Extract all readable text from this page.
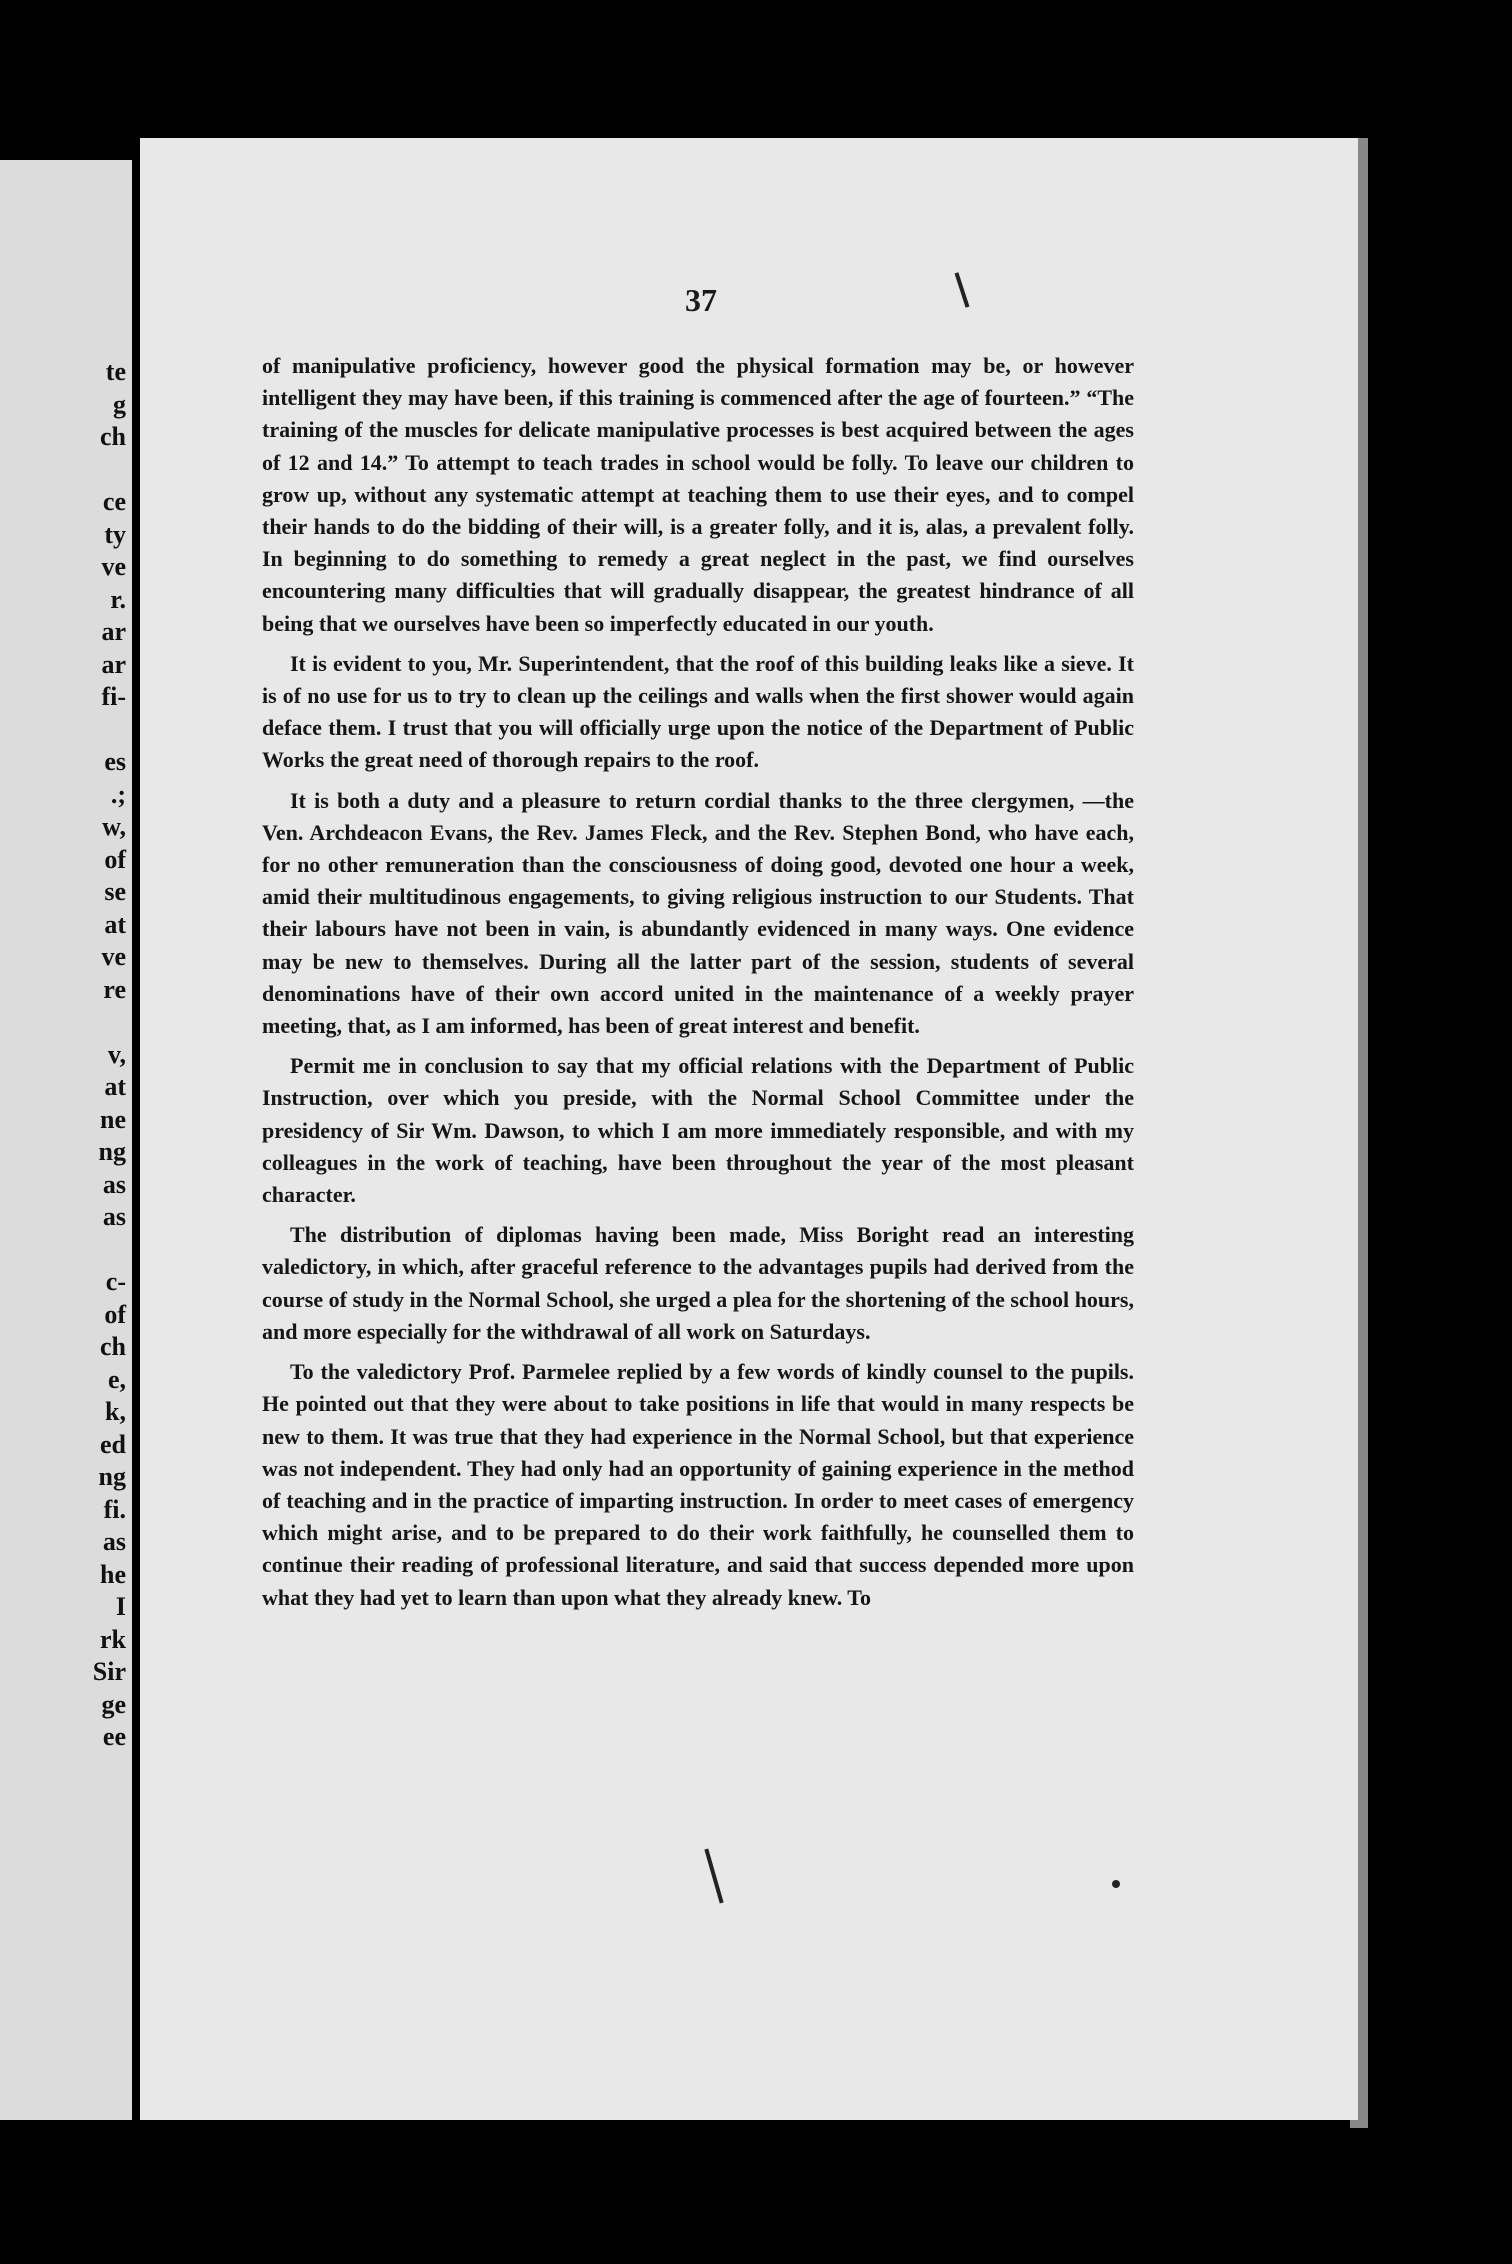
te
g
ch

ce
ty
ve
r.
ar
ar
fi-

es
.;
w,
of
se
at
ve
re

v,
at
ne
ng
as
as

c-
of
ch
e,
k,
ed
ng
fi.
as
he
I
rk
Sir
ge
ee
37

of manipulative proficiency, however good the physical formation may be, or however intelligent they may have been, if this training is commenced after the age of fourteen.” “The training of the muscles for delicate manipulative processes is best acquired between the ages of 12 and 14.” To attempt to teach trades in school would be folly. To leave our children to grow up, without any systematic attempt at teaching them to use their eyes, and to compel their hands to do the bidding of their will, is a greater folly, and it is, alas, a prevalent folly. In beginning to do something to remedy a great neglect in the past, we find ourselves encountering many difficulties that will gradually disappear, the greatest hindrance of all being that we ourselves have been so imperfectly educated in our youth.

It is evident to you, Mr. Superintendent, that the roof of this building leaks like a sieve. It is of no use for us to try to clean up the ceilings and walls when the first shower would again deface them. I trust that you will officially urge upon the notice of the Department of Public Works the great need of thorough repairs to the roof.

It is both a duty and a pleasure to return cordial thanks to the three clergymen, —the Ven. Archdeacon Evans, the Rev. James Fleck, and the Rev. Stephen Bond, who have each, for no other remuneration than the consciousness of doing good, devoted one hour a week, amid their multitudinous engagements, to giving religious instruction to our Students. That their labours have not been in vain, is abundantly evidenced in many ways. One evidence may be new to themselves. During all the latter part of the session, students of several denominations have of their own accord united in the maintenance of a weekly prayer meeting, that, as I am informed, has been of great interest and benefit.

Permit me in conclusion to say that my official relations with the Department of Public Instruction, over which you preside, with the Normal School Committee under the presidency of Sir Wm. Dawson, to which I am more immediately responsible, and with my colleagues in the work of teaching, have been throughout the year of the most pleasant character.

The distribution of diplomas having been made, Miss Boright read an interesting valedictory, in which, after graceful reference to the advantages pupils had derived from the course of study in the Normal School, she urged a plea for the shortening of the school hours, and more especially for the withdrawal of all work on Saturdays.

To the valedictory Prof. Parmelee replied by a few words of kindly counsel to the pupils. He pointed out that they were about to take positions in life that would in many respects be new to them. It was true that they had experience in the Normal School, but that experience was not independent. They had only had an opportunity of gaining experience in the method of teaching and in the practice of imparting instruction. In order to meet cases of emergency which might arise, and to be prepared to do their work faithfully, he counselled them to continue their reading of professional literature, and said that success depended more upon what they had yet to learn than upon what they already knew. To
